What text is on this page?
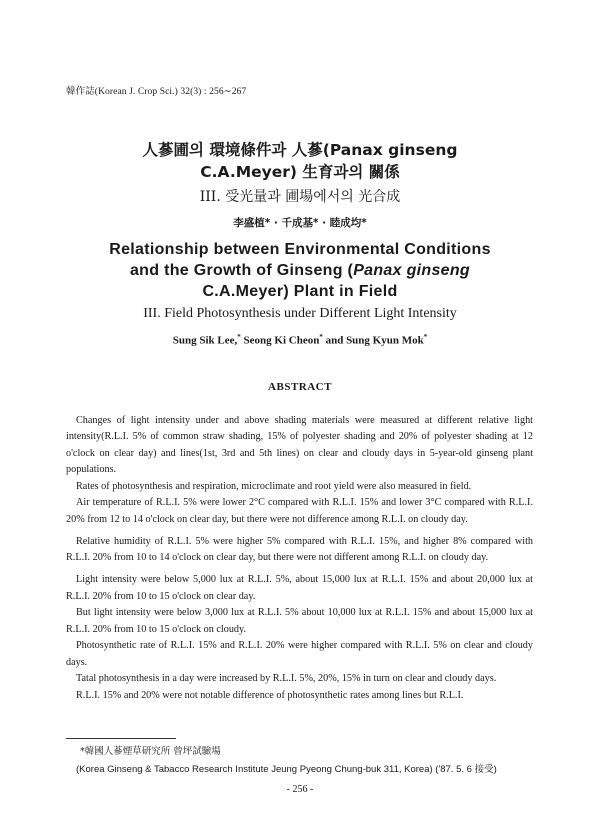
韓作誌(Korean J. Crop Sci.) 32(3) : 256∼267
人蔘圃의 環境條件과 人蔘(Panax ginseng
C.A.Meyer) 生育과의 關係
III. 受光量과 圃場에서의 光合成
李盛植* · 千成基* · 睦成均*
Relationship between Environmental Conditions
and the Growth of Ginseng (Panax ginseng
C.A.Meyer) Plant in Field
III. Field Photosynthesis under Different Light Intensity
Sung Sik Lee,* Seong Ki Cheon* and Sung Kyun Mok*
ABSTRACT

Changes of light intensity under and above shading materials were measured at different relative light intensity(R.L.I. 5% of common straw shading, 15% of polyester shading and 20% of polyester shading at 12 o'clock on clear day) and lines(1st, 3rd and 5th lines) on clear and cloudy days in 5-year-old ginseng plant populations.

Rates of photosynthesis and respiration, microclimate and root yield were also measured in field.

Air temperature of R.L.I. 5% were lower 2°C compared with R.L.I. 15% and lower 3°C compared with R.L.I. 20% from 12 to 14 o'clock on clear day, but there were not difference among R.L.I. on cloudy day.

Relative humidity of R.L.I. 5% were higher 5% compared with R.L.I. 15%, and higher 8% compared with R.L.I. 20% from 10 to 14 o'clock on clear day, but there were not different among R.L.I. on cloudy day.

Light intensity were below 5,000 lux at R.L.I. 5%, about 15,000 lux at R.L.I. 15% and about 20,000 lux at R.L.I. 20% from 10 to 15 o'clock on clear day.

But light intensity were below 3,000 lux at R.L.I. 5% about 10,000 lux at R.L.I. 15% and about 15,000 lux at R.L.I. 20% from 10 to 15 o'clock on cloudy.

Photosynthetic rate of R.L.I. 15% and R.L.I. 20% were higher compared with R.L.I. 5% on clear and cloudy days.

Tatal photosynthesis in a day were increased by R.L.I. 5%, 20%, 15% in turn on clear and cloudy days.

R.L.I. 15% and 20% were not notable difference of photosynthetic rates among lines but R.L.I.

*韓國人蔘煙草研究所 曾坪試驗場
(Korea Ginseng & Tabacco Research Institute Jeung Pyeong Chung-buk 311, Korea) ('87. 5. 6 接受)
- 256 -
